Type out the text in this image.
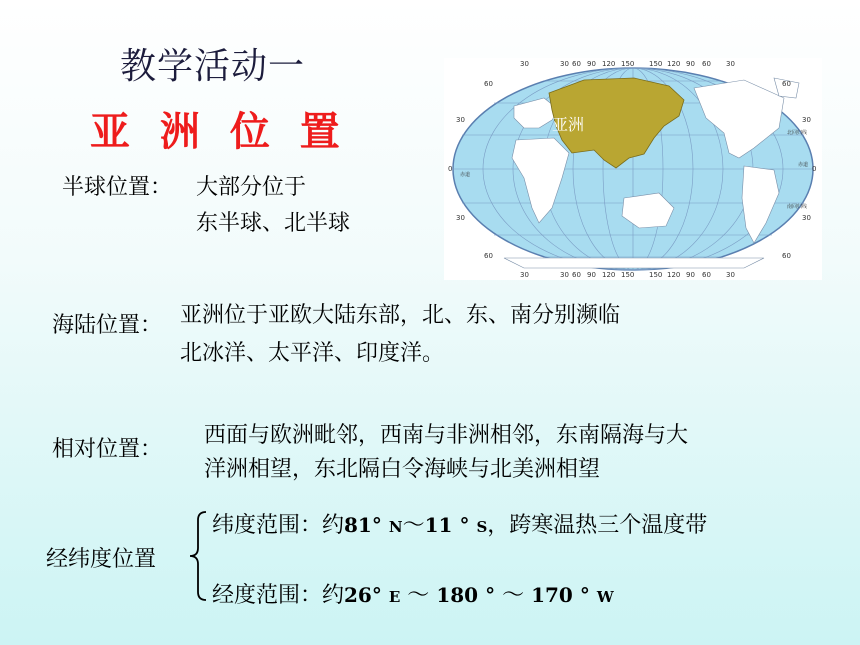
教学活动一
亚 洲 位 置
半球位置： 大部分位于
东半球、北半球
亚洲
30	30 60 90 120 150 150 120 90 60 30
30	30 60 90 120 150 150 120 90 60 30
60
30
0
30
60
60
30
0
30
60
北回归线
赤道
南回归线
赤道
海陆位置： 亚洲位于亚欧大陆东部，北、东、南分别濒临
北冰洋、太平洋、印度洋。
相对位置：
西面与欧洲毗邻，西南与非洲相邻，东南隔海与大
洋洲相望，东北隔白令海峡与北美洲相望
经纬度位置
纬度范围：约81° N～11 ° S，跨寒温热三个温度带
经度范围：约26° E ～ 180 ° ～ 170 ° W
